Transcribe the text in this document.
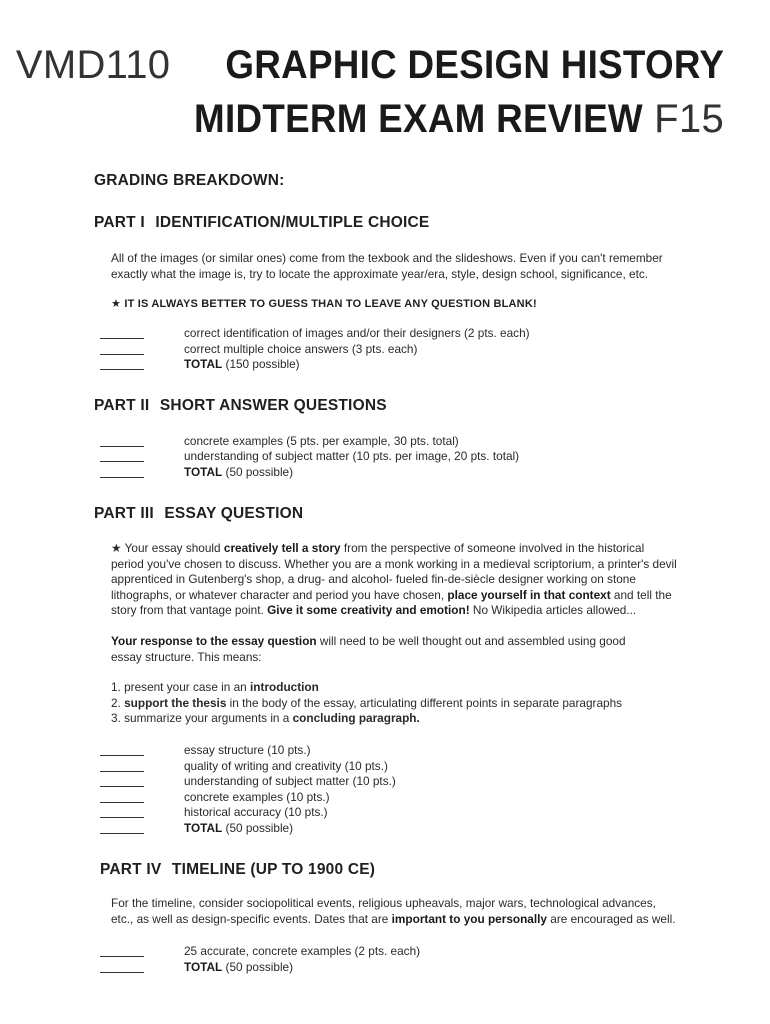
VMD110 GRAPHIC DESIGN HISTORY
MIDTERM EXAM REVIEW F15
GRADING BREAKDOWN:
PART I IDENTIFICATION/MULTIPLE CHOICE
All of the images (or similar ones) come from the texbook and the slideshows. Even if you can't remember
exactly what the image is, try to locate the approximate year/era, style, design school, significance, etc.
★ IT IS ALWAYS BETTER TO GUESS THAN TO LEAVE ANY QUESTION BLANK!
correct identification of images and/or their designers (2 pts. each)
correct multiple choice answers (3 pts. each)
TOTAL (150 possible)
PART II SHORT ANSWER QUESTIONS
concrete examples (5 pts. per example, 30 pts. total)
understanding of subject matter (10 pts. per image, 20 pts. total)
TOTAL (50 possible)
PART III ESSAY QUESTION
★ Your essay should creatively tell a story from the perspective of someone involved in the historical period you've chosen to discuss. Whether you are a monk working in a medieval scriptorium, a printer's devil apprenticed in Gutenberg's shop, a drug- and alcohol- fueled fin-de-siècle designer working on stone lithographs, or whatever character and period you have chosen, place yourself in that context and tell the story from that vantage point. Give it some creativity and emotion! No Wikipedia articles allowed...
Your response to the essay question will need to be well thought out and assembled using good essay structure. This means:
1. present your case in an introduction
2. support the thesis in the body of the essay, articulating different points in separate paragraphs
3. summarize your arguments in a concluding paragraph.
essay structure (10 pts.)
quality of writing and creativity (10 pts.)
understanding of subject matter (10 pts.)
concrete examples (10 pts.)
historical accuracy (10 pts.)
TOTAL (50 possible)
PART IV TIMELINE (UP TO 1900 CE)
For the timeline, consider sociopolitical events, religious upheavals, major wars, technological advances, etc., as well as design-specific events. Dates that are important to you personally are encouraged as well.
25 accurate, concrete examples (2 pts. each)
TOTAL (50 possible)
